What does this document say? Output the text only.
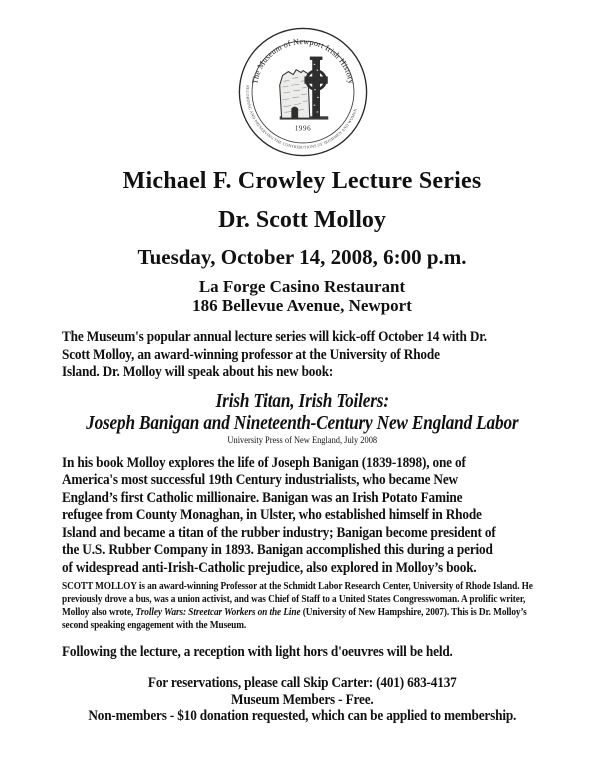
RECORDING AND PRESERVING THE CONTRIBUTIONS OF IRISHMEN AND WOMEN
The Museum of Newport Irish History
1996
Michael F. Crowley Lecture Series
Dr. Scott Molloy
Tuesday, October 14, 2008, 6:00 p.m.
La Forge Casino Restaurant
186 Bellevue Avenue, Newport
The Museum's popular annual lecture series will kick-off October 14 with Dr.
Scott Molloy, an award-winning professor at the University of Rhode
Island. Dr. Molloy will speak about his new book:
Irish Titan, Irish Toilers:
Joseph Banigan and Nineteenth-Century New England Labor
University Press of New England, July 2008
In his book Molloy explores the life of Joseph Banigan (1839-1898), one of
America's most successful 19th Century industrialists, who became New
England’s first Catholic millionaire. Banigan was an Irish Potato Famine
refugee from County Monaghan, in Ulster, who established himself in Rhode
Island and became a titan of the rubber industry; Banigan become president of
the U.S. Rubber Company in 1893. Banigan accomplished this during a period
of widespread anti-Irish-Catholic prejudice, also explored in Molloy’s book.
SCOTT MOLLOY is an award-winning Professor at the Schmidt Labor Research Center, University of Rhode Island. He previously drove a bus, was a union activist, and was Chief of Staff to a United States Congresswoman. A prolific writer, Molloy also wrote, Trolley Wars: Streetcar Workers on the Line (University of New Hampshire, 2007). This is Dr. Molloy’s second speaking engagement with the Museum.
Following the lecture, a reception with light hors d'oeuvres will be held.
For reservations, please call Skip Carter: (401) 683-4137
Museum Members - Free.
Non-members - $10 donation requested, which can be applied to membership.
